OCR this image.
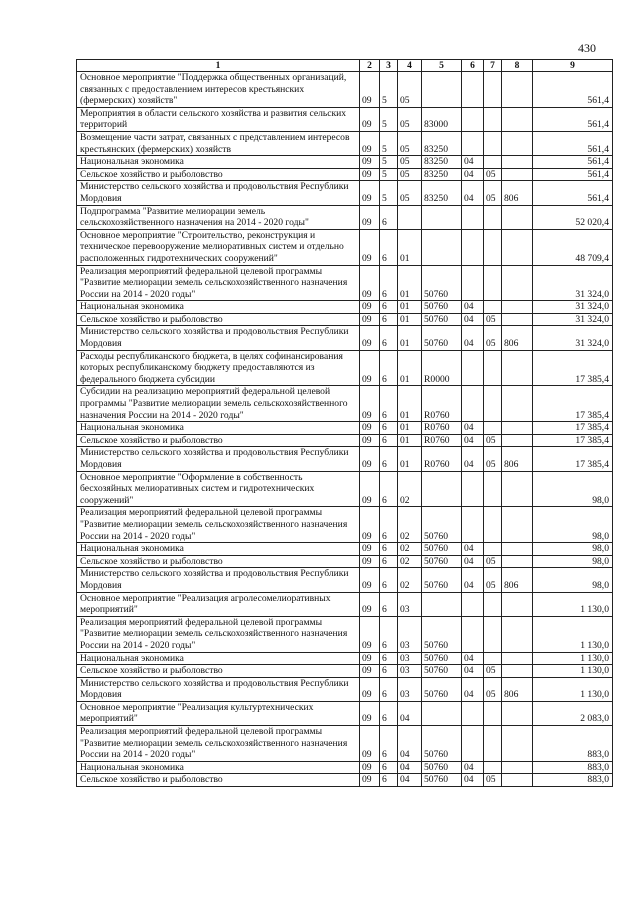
430
1	2	3	4	5	6	7	8	9
Основное мероприятие "Поддержка общественных организаций, связанных с предоставлением интересов крестьянских (фермерских) хозяйств"	09	5	05					561,4
Мероприятия в области сельского хозяйства и развития сельских территорий	09	5	05	83000				561,4
Возмещение части затрат, связанных с представлением интересов крестьянских (фермерских) хозяйств	09	5	05	83250				561,4
Национальная экономика	09	5	05	83250	04			561,4
Сельское хозяйство и рыболовство	09	5	05	83250	04	05		561,4
Министерство сельского хозяйства и продовольствия Республики Мордовия	09	5	05	83250	04	05	806	561,4
Подпрограмма "Развитие мелиорации земель сельскохозяйственного назначения на 2014 - 2020 годы"	09	6						52 020,4
Основное мероприятие "Строительство, реконструкция и техническое перевооружение мелиоративных систем и отдельно расположенных гидротехнических сооружений"	09	6	01					48 709,4
Реализация мероприятий федеральной целевой программы "Развитие мелиорации земель сельскохозяйственного назначения России на 2014 - 2020 годы"	09	6	01	50760				31 324,0
Национальная экономика	09	6	01	50760	04			31 324,0
Сельское хозяйство и рыболовство	09	6	01	50760	04	05		31 324,0
Министерство сельского хозяйства и продовольствия Республики Мордовия	09	6	01	50760	04	05	806	31 324,0
Расходы республиканского бюджета, в целях софинансирования которых республиканскому бюджету предоставляются из федерального бюджета субсидии	09	6	01	R0000				17 385,4
Субсидии на реализацию мероприятий федеральной целевой программы "Развитие мелиорации земель сельскохозяйственного назначения России на 2014 - 2020 годы"	09	6	01	R0760				17 385,4
Национальная экономика	09	6	01	R0760	04			17 385,4
Сельское хозяйство и рыболовство	09	6	01	R0760	04	05		17 385,4
Министерство сельского хозяйства и продовольствия Республики Мордовия	09	6	01	R0760	04	05	806	17 385,4
Основное мероприятие "Оформление в собственность бесхозяйных мелиоративных систем и гидротехнических сооружений"	09	6	02					98,0
Реализация мероприятий федеральной целевой программы "Развитие мелиорации земель сельскохозяйственного назначения России на 2014 - 2020 годы"	09	6	02	50760				98,0
Национальная экономика	09	6	02	50760	04			98,0
Сельское хозяйство и рыболовство	09	6	02	50760	04	05		98,0
Министерство сельского хозяйства и продовольствия Республики Мордовия	09	6	02	50760	04	05	806	98,0
Основное мероприятие "Реализация агролесомелиоративных мероприятий"	09	6	03					1 130,0
Реализация мероприятий федеральной целевой программы "Развитие мелиорации земель сельскохозяйственного назначения России на 2014 - 2020 годы"	09	6	03	50760				1 130,0
Национальная экономика	09	6	03	50760	04			1 130,0
Сельское хозяйство и рыболовство	09	6	03	50760	04	05		1 130,0
Министерство сельского хозяйства и продовольствия Республики Мордовия	09	6	03	50760	04	05	806	1 130,0
Основное мероприятие "Реализация культуртехнических мероприятий"	09	6	04					2 083,0
Реализация мероприятий федеральной целевой программы "Развитие мелиорации земель сельскохозяйственного назначения России на 2014 - 2020 годы"	09	6	04	50760				883,0
Национальная экономика	09	6	04	50760	04			883,0
Сельское хозяйство и рыболовство	09	6	04	50760	04	05		883,0
